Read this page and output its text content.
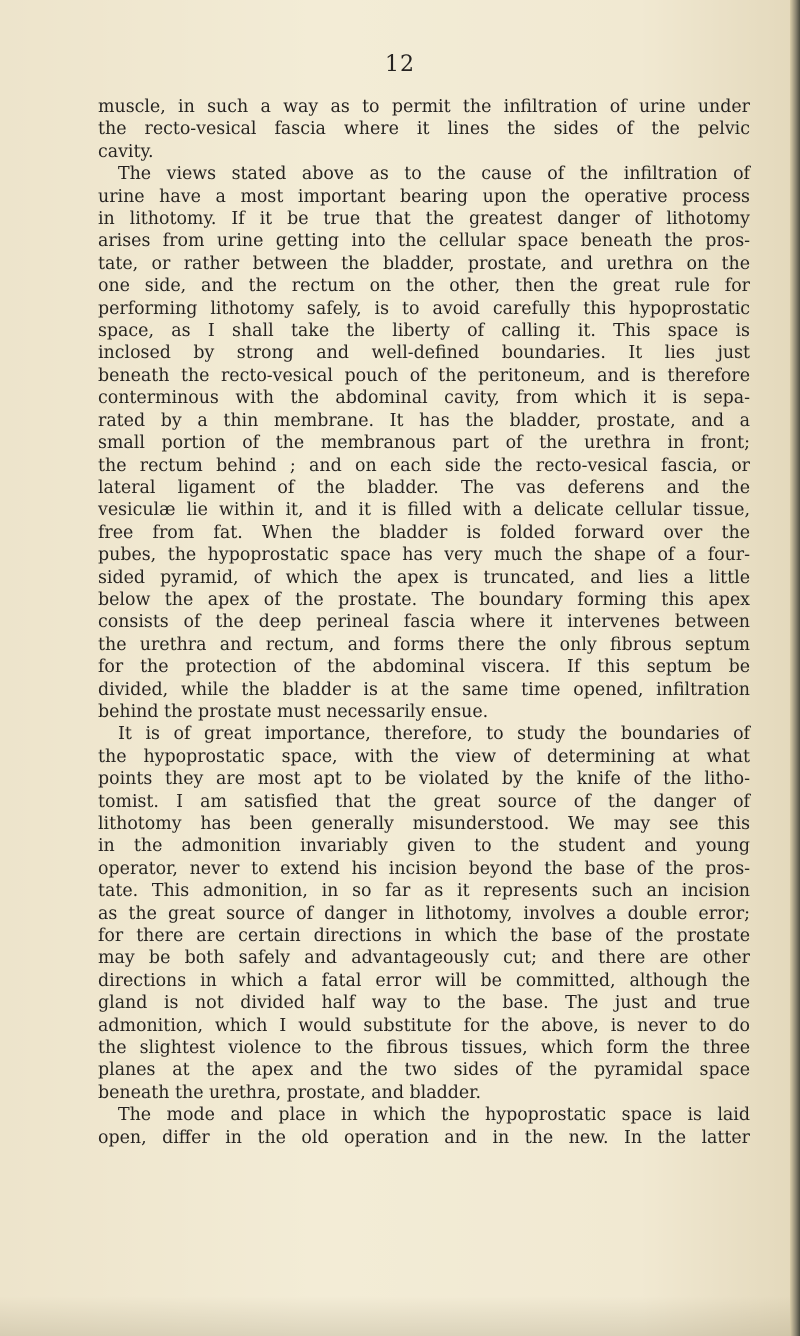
12
muscle, in such a way as to permit the infiltration of urine under
the recto-vesical fascia where it lines the sides of the pelvic
cavity.
The views stated above as to the cause of the infiltration of
urine have a most important bearing upon the operative process
in lithotomy. If it be true that the greatest danger of lithotomy
arises from urine getting into the cellular space beneath the pros-
tate, or rather between the bladder, prostate, and urethra on the
one side, and the rectum on the other, then the great rule for
performing lithotomy safely, is to avoid carefully this hypoprostatic
space, as I shall take the liberty of calling it. This space is
inclosed by strong and well-defined boundaries. It lies just
beneath the recto-vesical pouch of the peritoneum, and is therefore
conterminous with the abdominal cavity, from which it is sepa-
rated by a thin membrane. It has the bladder, prostate, and a
small portion of the membranous part of the urethra in front;
the rectum behind ; and on each side the recto-vesical fascia, or
lateral ligament of the bladder. The vas deferens and the
vesiculæ lie within it, and it is filled with a delicate cellular tissue,
free from fat. When the bladder is folded forward over the
pubes, the hypoprostatic space has very much the shape of a four-
sided pyramid, of which the apex is truncated, and lies a little
below the apex of the prostate. The boundary forming this apex
consists of the deep perineal fascia where it intervenes between
the urethra and rectum, and forms there the only fibrous septum
for the protection of the abdominal viscera. If this septum be
divided, while the bladder is at the same time opened, infiltration
behind the prostate must necessarily ensue.
It is of great importance, therefore, to study the boundaries of
the hypoprostatic space, with the view of determining at what
points they are most apt to be violated by the knife of the litho-
tomist. I am satisfied that the great source of the danger of
lithotomy has been generally misunderstood. We may see this
in the admonition invariably given to the student and young
operator, never to extend his incision beyond the base of the pros-
tate. This admonition, in so far as it represents such an incision
as the great source of danger in lithotomy, involves a double error;
for there are certain directions in which the base of the prostate
may be both safely and advantageously cut; and there are other
directions in which a fatal error will be committed, although the
gland is not divided half way to the base. The just and true
admonition, which I would substitute for the above, is never to do
the slightest violence to the fibrous tissues, which form the three
planes at the apex and the two sides of the pyramidal space
beneath the urethra, prostate, and bladder.
The mode and place in which the hypoprostatic space is laid
open, differ in the old operation and in the new. In the latter
